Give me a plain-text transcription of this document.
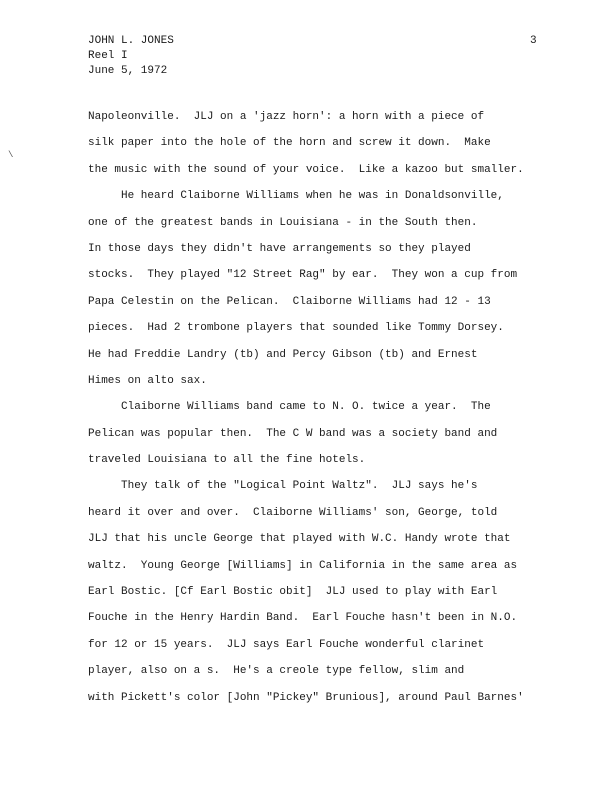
JOHN L. JONES
Reel I
June 5, 1972
3
\
Napoleonville.  JLJ on a 'jazz horn': a horn with a piece of
silk paper into the hole of the horn and screw it down.  Make
the music with the sound of your voice.  Like a kazoo but smaller.
He heard Claiborne Williams when he was in Donaldsonville,
one of the greatest bands in Louisiana - in the South then.
In those days they didn't have arrangements so they played
stocks.  They played "12 Street Rag" by ear.  They won a cup from
Papa Celestin on the Pelican.  Claiborne Williams had 12 - 13
pieces.  Had 2 trombone players that sounded like Tommy Dorsey.
He had Freddie Landry (tb) and Percy Gibson (tb) and Ernest
Himes on alto sax.
Claiborne Williams band came to N. O. twice a year.  The
Pelican was popular then.  The C W band was a society band and
traveled Louisiana to all the fine hotels.
They talk of the "Logical Point Waltz".  JLJ says he's
heard it over and over.  Claiborne Williams' son, George, told
JLJ that his uncle George that played with W.C. Handy wrote that
waltz.  Young George [Williams] in California in the same area as
Earl Bostic. [Cf Earl Bostic obit]  JLJ used to play with Earl
Fouche in the Henry Hardin Band.  Earl Fouche hasn't been in N.O.
for 12 or 15 years.  JLJ says Earl Fouche wonderful clarinet
player, also on a s.  He's a creole type fellow, slim and
with Pickett's color [John "Pickey" Brunious], around Paul Barnes'
